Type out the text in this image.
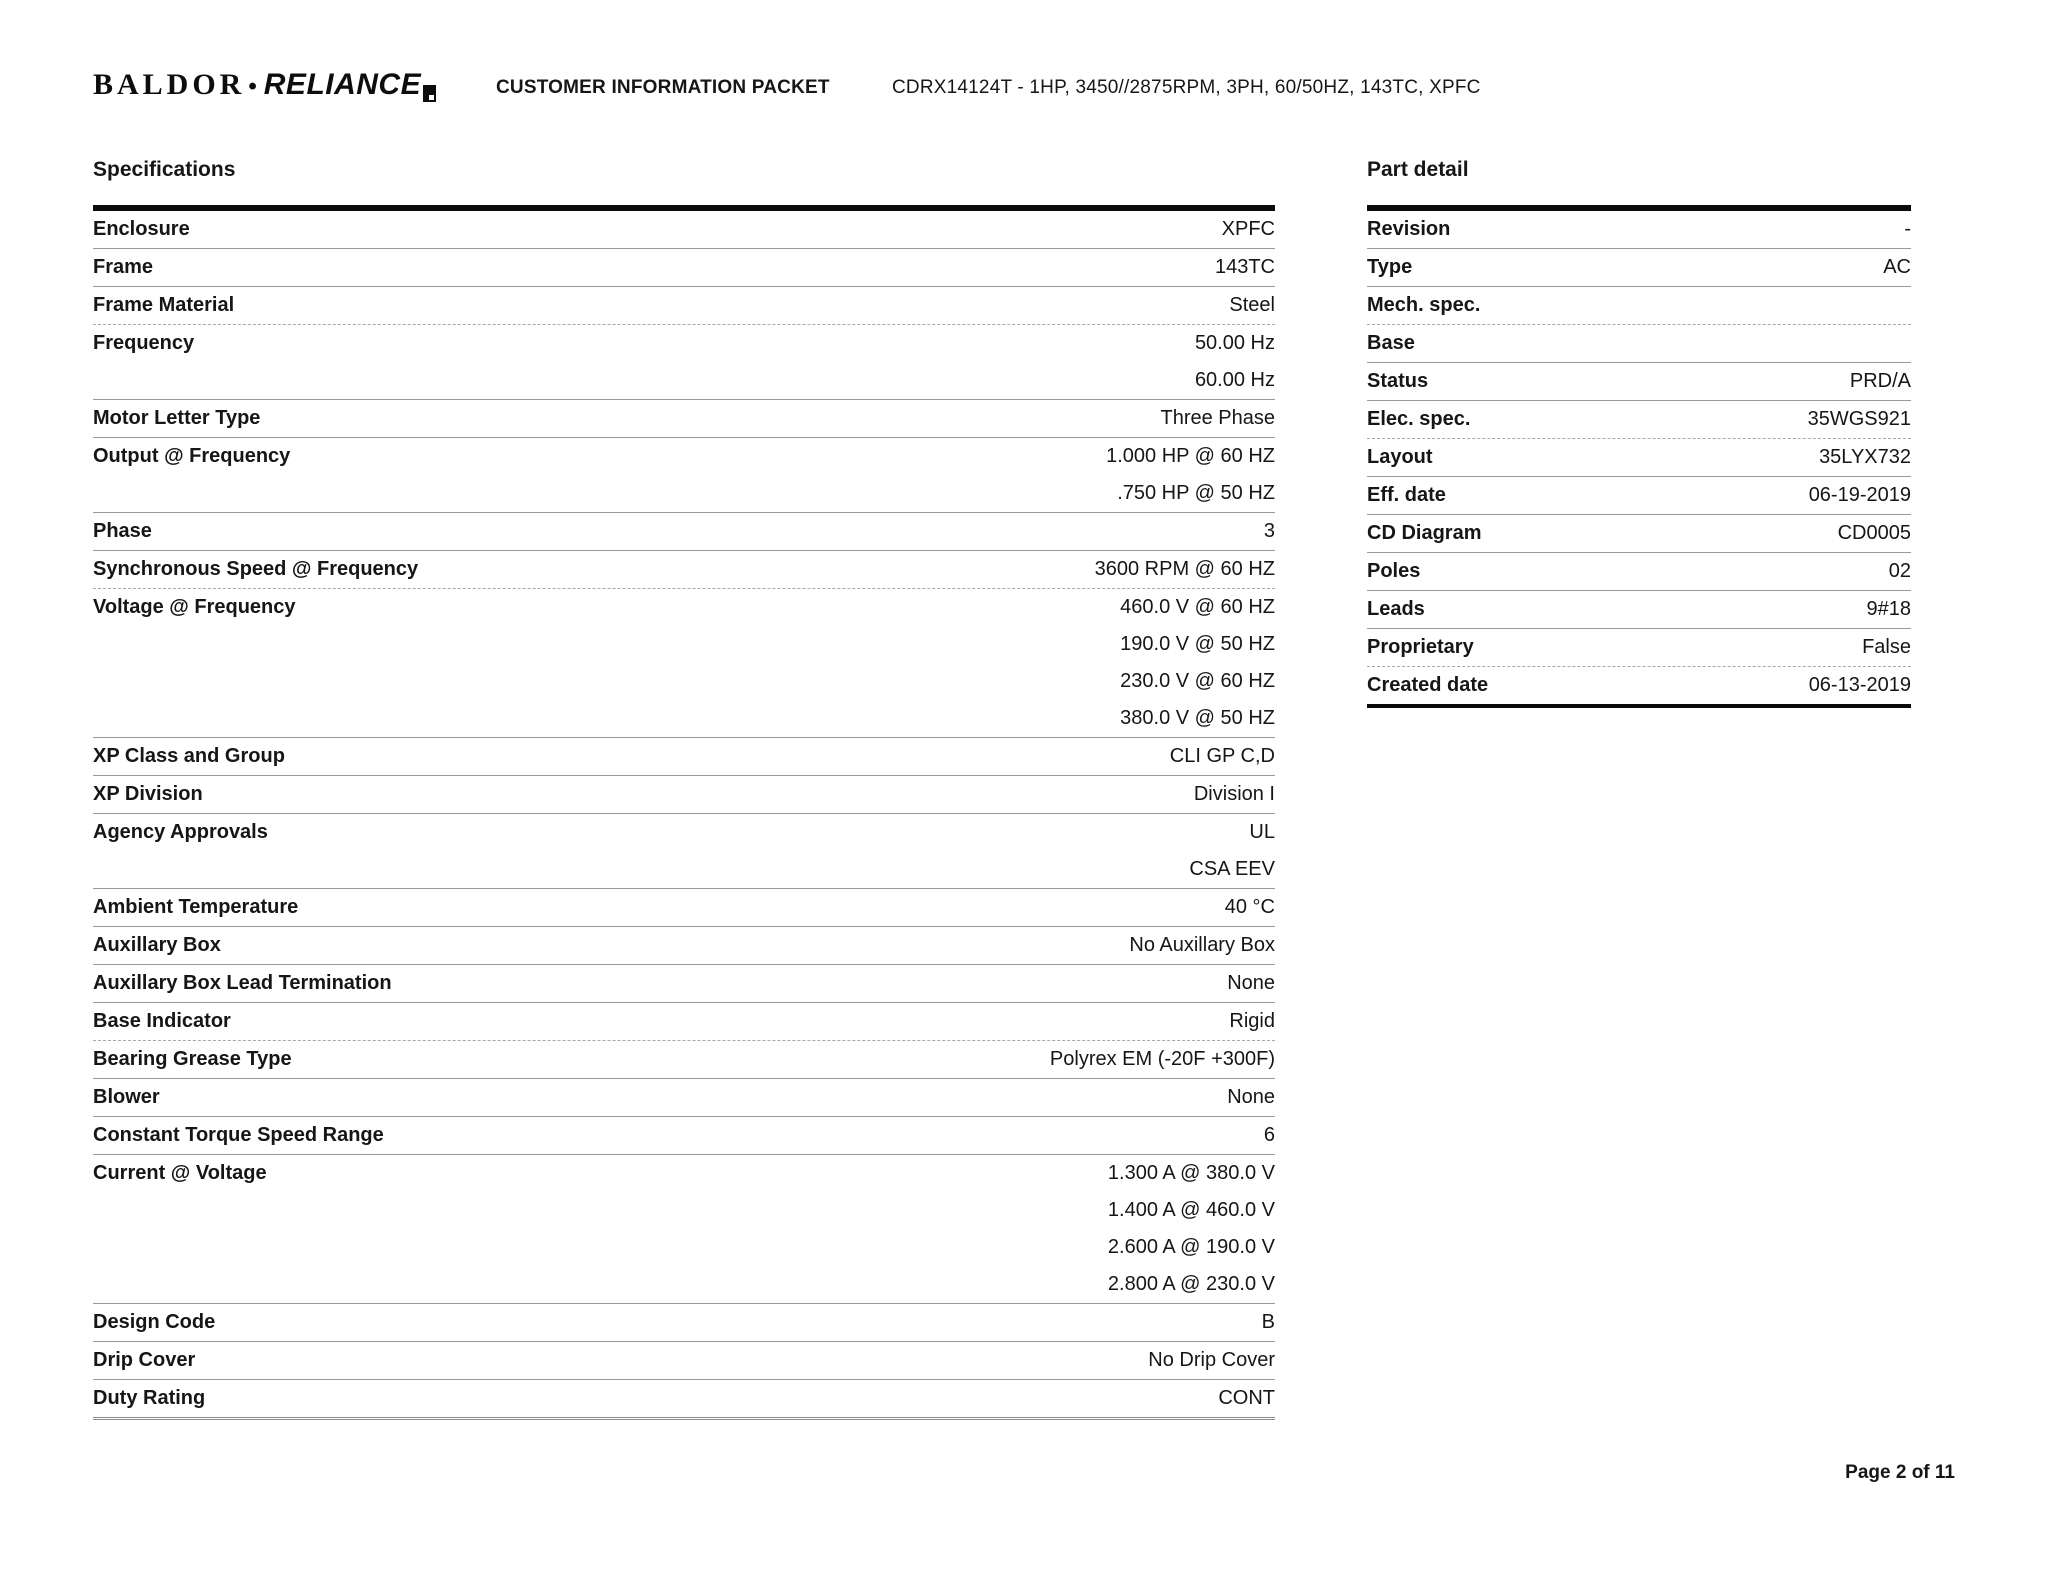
BALDOR • RELIANCE	CUSTOMER INFORMATION PACKET	CDRX14124T - 1HP, 3450//2875RPM, 3PH, 60/50HZ, 143TC, XPFC
Specifications
Enclosure	XPFC
Frame	143TC
Frame Material	Steel
Frequency	50.00 Hz
60.00 Hz
Motor Letter Type	Three Phase
Output @ Frequency	1.000 HP @ 60 HZ
.750 HP @ 50 HZ
Phase	3
Synchronous Speed @ Frequency	3600 RPM @ 60 HZ
Voltage @ Frequency	460.0 V @ 60 HZ
190.0 V @ 50 HZ
230.0 V @ 60 HZ
380.0 V @ 50 HZ
XP Class and Group	CLI GP C,D
XP Division	Division I
Agency Approvals	UL
CSA EEV
Ambient Temperature	40 °C
Auxillary Box	No Auxillary Box
Auxillary Box Lead Termination	None
Base Indicator	Rigid
Bearing Grease Type	Polyrex EM (-20F +300F)
Blower	None
Constant Torque Speed Range	6
Current @ Voltage	1.300 A @ 380.0 V
1.400 A @ 460.0 V
2.600 A @ 190.0 V
2.800 A @ 230.0 V
Design Code	B
Drip Cover	No Drip Cover
Duty Rating	CONT
Part detail
Revision	-
Type	AC
Mech. spec.
Base
Status	PRD/A
Elec. spec.	35WGS921
Layout	35LYX732
Eff. date	06-19-2019
CD Diagram	CD0005
Poles	02
Leads	9#18
Proprietary	False
Created date	06-13-2019
Page 2 of 11
